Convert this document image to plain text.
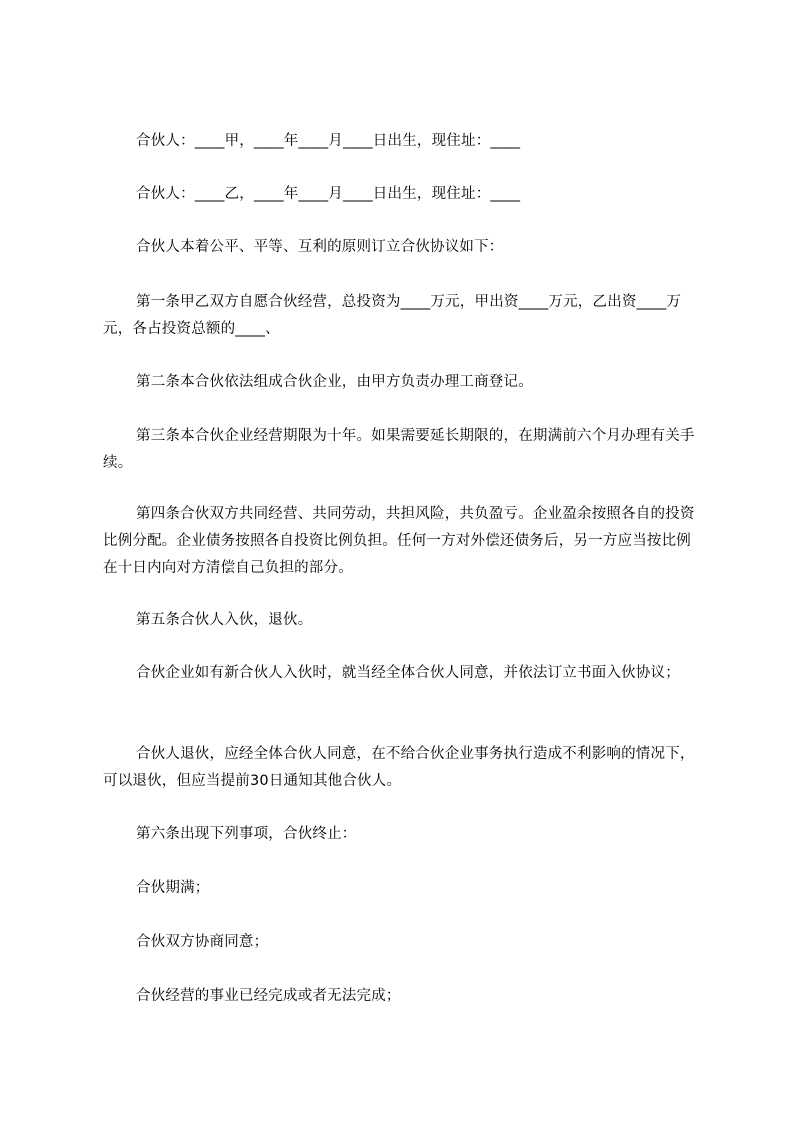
合伙人：____甲，____年____月____日出生，现住址：____

合伙人：____乙，____年____月____日出生，现住址：____

合伙人本着公平、平等、互利的原则订立合伙协议如下：

第一条甲乙双方自愿合伙经营，总投资为____万元，甲出资____万元，乙出资____万元，各占投资总额的____、

第二条本合伙依法组成合伙企业，由甲方负责办理工商登记。

第三条本合伙企业经营期限为十年。如果需要延长期限的，在期满前六个月办理有关手续。

第四条合伙双方共同经营、共同劳动，共担风险，共负盈亏。企业盈余按照各自的投资比例分配。企业债务按照各自投资比例负担。任何一方对外偿还债务后，另一方应当按比例在十日内向对方清偿自己负担的部分。

第五条合伙人入伙，退伙。

合伙企业如有新合伙人入伙时，就当经全体合伙人同意，并依法订立书面入伙协议；

合伙人退伙，应经全体合伙人同意，在不给合伙企业事务执行造成不利影响的情况下，可以退伙，但应当提前30日通知其他合伙人。

第六条出现下列事项，合伙终止：

合伙期满；

合伙双方协商同意；

合伙经营的事业已经完成或者无法完成；
